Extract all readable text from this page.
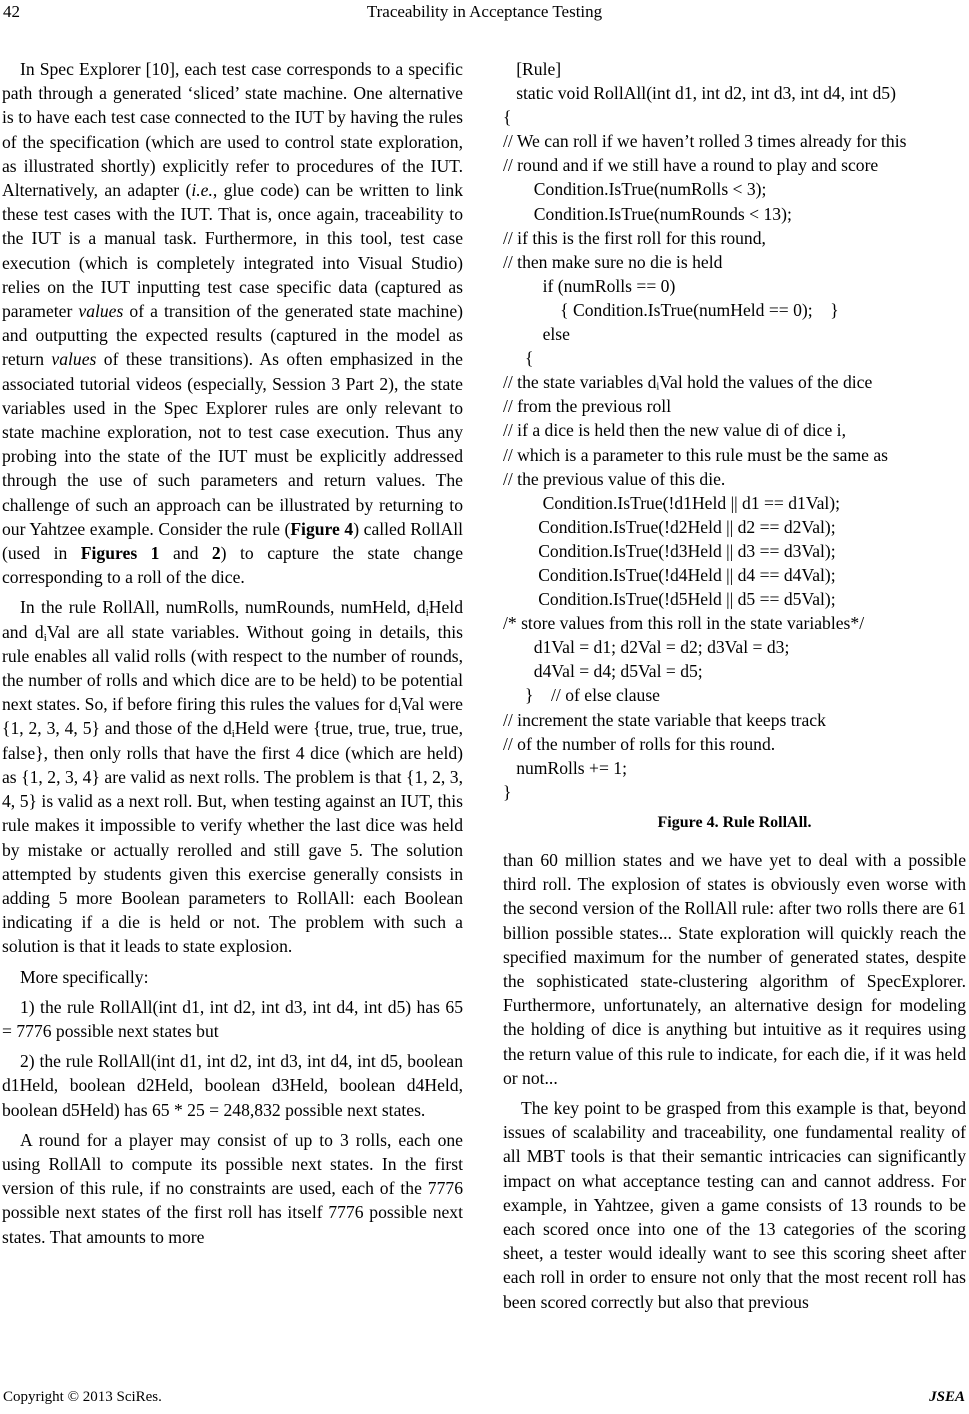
42	Traceability in Acceptance Testing

In Spec Explorer [10], each test case corresponds to a specific path through a generated ‘sliced’ state machine. One alternative is to have each test case connected to the IUT by having the rules of the specification (which are used to control state exploration, as illustrated shortly) explicitly refer to procedures of the IUT. Alternatively, an adapter (i.e., glue code) can be written to link these test cases with the IUT. That is, once again, traceability to the IUT is a manual task. Furthermore, in this tool, test case execution (which is completely integrated into Visual Studio) relies on the IUT inputting test case specific data (captured as parameter values of a transition of the generated state machine) and outputting the expected results (captured in the model as return values of these transitions). As often emphasized in the associated tutorial videos (especially, Session 3 Part 2), the state variables used in the Spec Explorer rules are only relevant to state machine exploration, not to test case execution. Thus any probing into the state of the IUT must be explicitly addressed through the use of such parameters and return values. The challenge of such an approach can be illustrated by returning to our Yahtzee example. Consider the rule (Figure 4) called RollAll (used in Figures 1 and 2) to capture the state change corresponding to a roll of the dice.

In the rule RollAll, numRolls, numRounds, numHeld, $d_iHeld$ and $d_iVal$ are all state variables. Without going in details, this rule enables all valid rolls (with respect to the number of rounds, the number of rolls and which dice are to be held) to be potential next states. So, if before firing this rules the values for $d_iVal$ were {1, 2, 3, 4, 5} and those of the $d_iHeld$ were {true, true, true, true, false}, then only rolls that have the first 4 dice (which are held) as {1, 2, 3, 4} are valid as next rolls. The problem is that {1, 2, 3, 4, 5} is valid as a next roll. But, when testing against an IUT, this rule makes it impossible to verify whether the last dice was held by mistake or actually rerolled and still gave 5. The solution attempted by students given this exercise generally consists in adding 5 more Boolean parameters to RollAll: each Boolean indicating if a die is held or not. The problem with such a solution is that it leads to state explosion.

More specifically:

1) the rule RollAll(int d1, int d2, int d3, int d4, int d5) has 65 = 7776 possible next states but

2) the rule RollAll(int d1, int d2, int d3, int d4, int d5, boolean d1Held, boolean d2Held, boolean d3Held, boolean d4Held, boolean d5Held) has 65 * 25 = 248,832 possible next states.

A round for a player may consist of up to 3 rolls, each one using RollAll to compute its possible next states. In the first version of this rule, if no constraints are used, each of the 7776 possible next states of the first roll has itself 7776 possible next states. That amounts to more

[Rule]
static void RollAll(int d1, int d2, int d3, int d4, int d5)
{
// We can roll if we haven’t rolled 3 times already for this
// round and if we still have a round to play and score
Condition.IsTrue(numRolls < 3);
Condition.IsTrue(numRounds < 13);
// if this is the first roll for this round,
// then make sure no die is held
if (numRolls == 0)
{ Condition.IsTrue(numHeld == 0);    }
else
{
// the state variables dᵢVal hold the values of the dice
// from the previous roll
// if a dice is held then the new value di of dice i,
// which is a parameter to this rule must be the same as
// the previous value of this die.
Condition.IsTrue(!d1Held || d1 == d1Val);
Condition.IsTrue(!d2Held || d2 == d2Val);
Condition.IsTrue(!d3Held || d3 == d3Val);
Condition.IsTrue(!d4Held || d4 == d4Val);
Condition.IsTrue(!d5Held || d5 == d5Val);
/* store values from this roll in the state variables*/
d1Val = d1; d2Val = d2; d3Val = d3;
d4Val = d4; d5Val = d5;
}    // of else clause
// increment the state variable that keeps track
// of the number of rolls for this round.
numRolls += 1;
}
Figure 4. Rule RollAll.

than 60 million states and we have yet to deal with a possible third roll. The explosion of states is obviously even worse with the second version of the RollAll rule: after two rolls there are 61 billion possible states... State exploration will quickly reach the specified maximum for the number of generated states, despite the sophisticated state-clustering algorithm of SpecExplorer. Furthermore, unfortunately, an alternative design for modeling the holding of dice is anything but intuitive as it requires using the return value of this rule to indicate, for each die, if it was held or not...

The key point to be grasped from this example is that, beyond issues of scalability and traceability, one fundamental reality of all MBT tools is that their semantic intricacies can significantly impact on what acceptance testing can and cannot address. For example, in Yahtzee, given a game consists of 13 rounds to be each scored once into one of the 13 categories of the scoring sheet, a tester would ideally want to see this scoring sheet after each roll in order to ensure not only that the most recent roll has been scored correctly but also that previous

Copyright © 2013 SciRes.	JSEA
